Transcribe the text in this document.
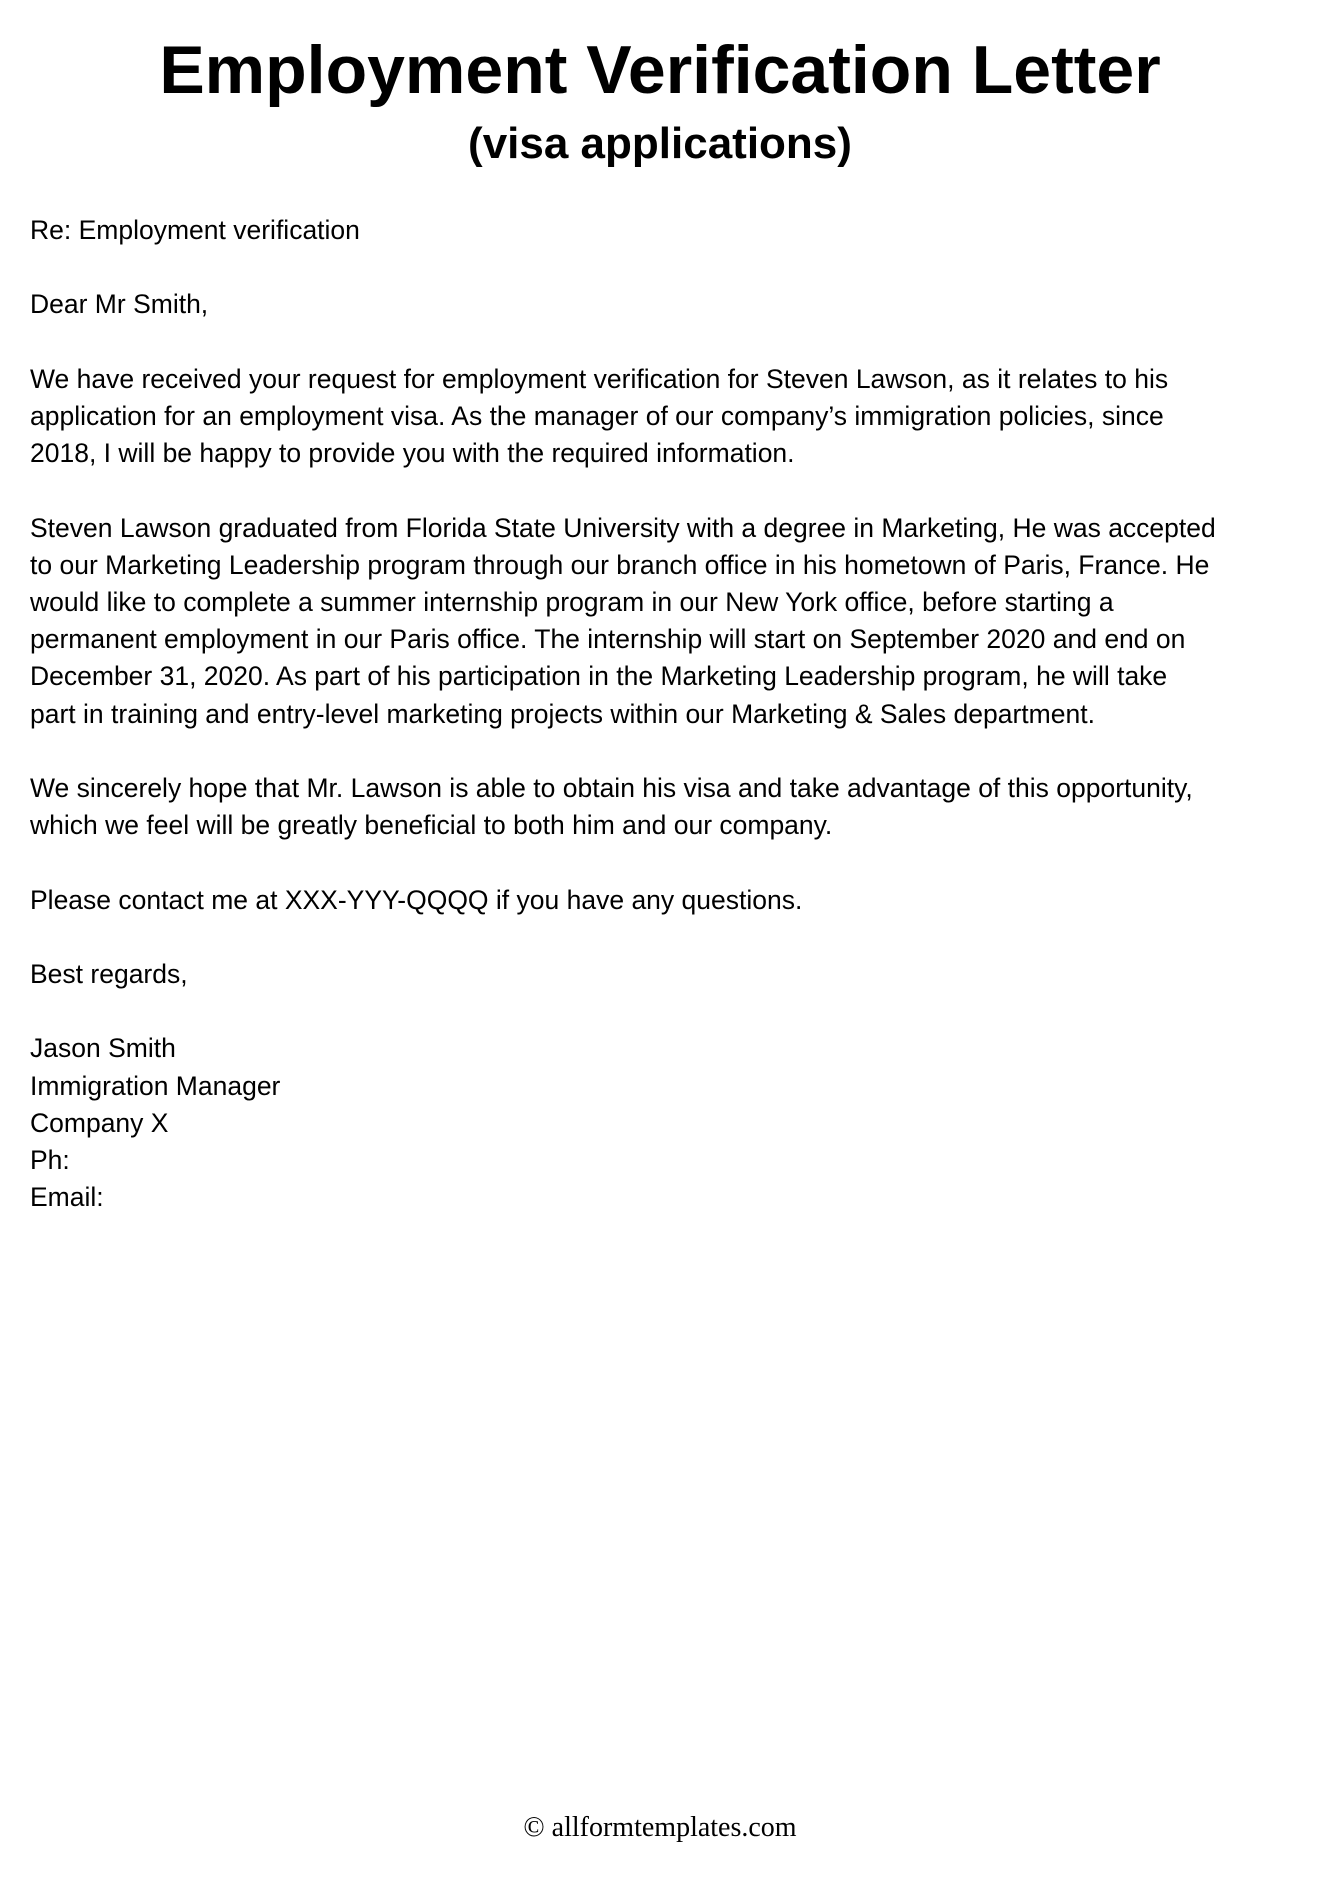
Employment Verification Letter
(visa applications)

Re: Employment verification

Dear Mr Smith,

We have received your request for employment verification for Steven Lawson, as it relates to his
application for an employment visa. As the manager of our company’s immigration policies, since
2018, I will be happy to provide you with the required information.

Steven Lawson graduated from Florida State University with a degree in Marketing, He was accepted
to our Marketing Leadership program through our branch office in his hometown of Paris, France. He
would like to complete a summer internship program in our New York office, before starting a
permanent employment in our Paris office. The internship will start on September 2020 and end on
December 31, 2020. As part of his participation in the Marketing Leadership program, he will take
part in training and entry-level marketing projects within our Marketing & Sales department.

We sincerely hope that Mr. Lawson is able to obtain his visa and take advantage of this opportunity,
which we feel will be greatly beneficial to both him and our company.

Please contact me at XXX-YYY-QQQQ if you have any questions.

Best regards,

Jason Smith
Immigration Manager
Company X
Ph:
Email:

© allformtemplates.com
